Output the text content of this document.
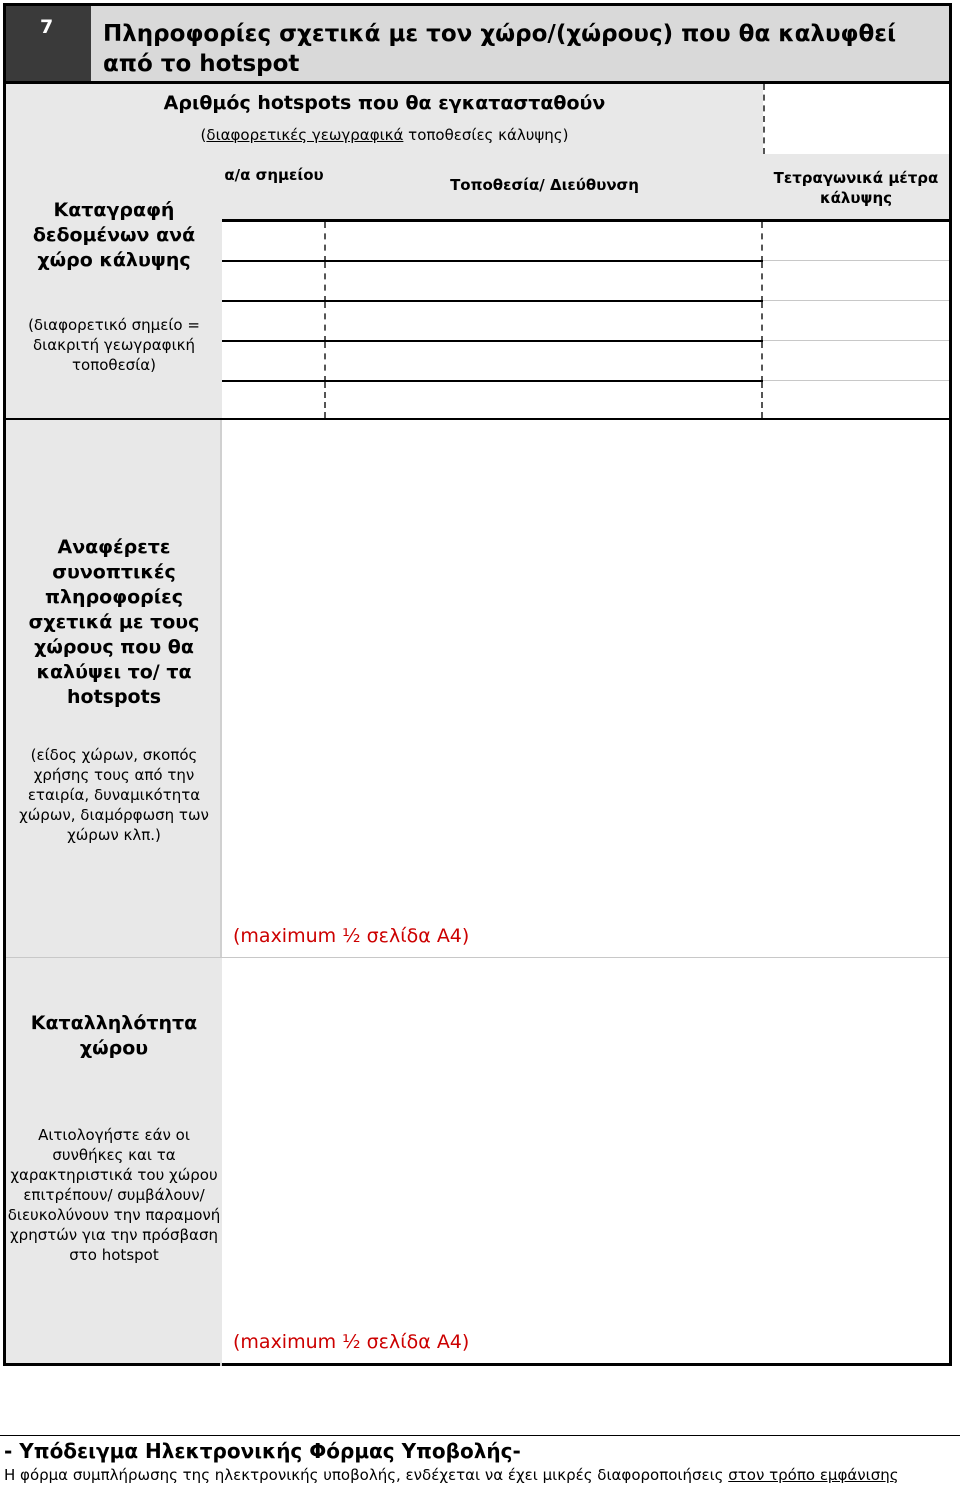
7	Πληροφορίες σχετικά με τον χώρο/(χώρους) που θα καλυφθεί από το hotspot
Αριθμός hotspots που θα εγκατασταθούν
(διαφορετικές γεωγραφικά τοποθεσίες κάλυψης)
Καταγραφή δεδομένων ανά χώρο κάλυψης
(διαφορετικό σημείο = διακριτή γεωγραφική τοποθεσία)
α/α σημείου
Τοποθεσία/ Διεύθυνση	Τετραγωνικά μέτρα κάλυψης
Αναφέρετε συνοπτικές πληροφορίες σχετικά με τους χώρους που θα καλύψει το/ τα hotspots
(είδος χώρων, σκοπός χρήσης τους από την εταιρία, δυναμικότητα χώρων, διαμόρφωση των χώρων κλπ.)
(maximum ½ σελίδα A4)
Καταλληλότητα χώρου
Αιτιολογήστε εάν οι συνθήκες και τα χαρακτηριστικά του χώρου επιτρέπουν/ συμβάλουν/ διευκολύνουν την παραμονή χρηστών για την πρόσβαση στο hotspot
(maximum ½ σελίδα A4)
- Υπόδειγμα Ηλεκτρονικής Φόρμας Υποβολής-
Η φόρμα συμπλήρωσης της ηλεκτρονικής υποβολής, ενδέχεται να έχει μικρές διαφοροποιήσεις στον τρόπο εμφάνισης
